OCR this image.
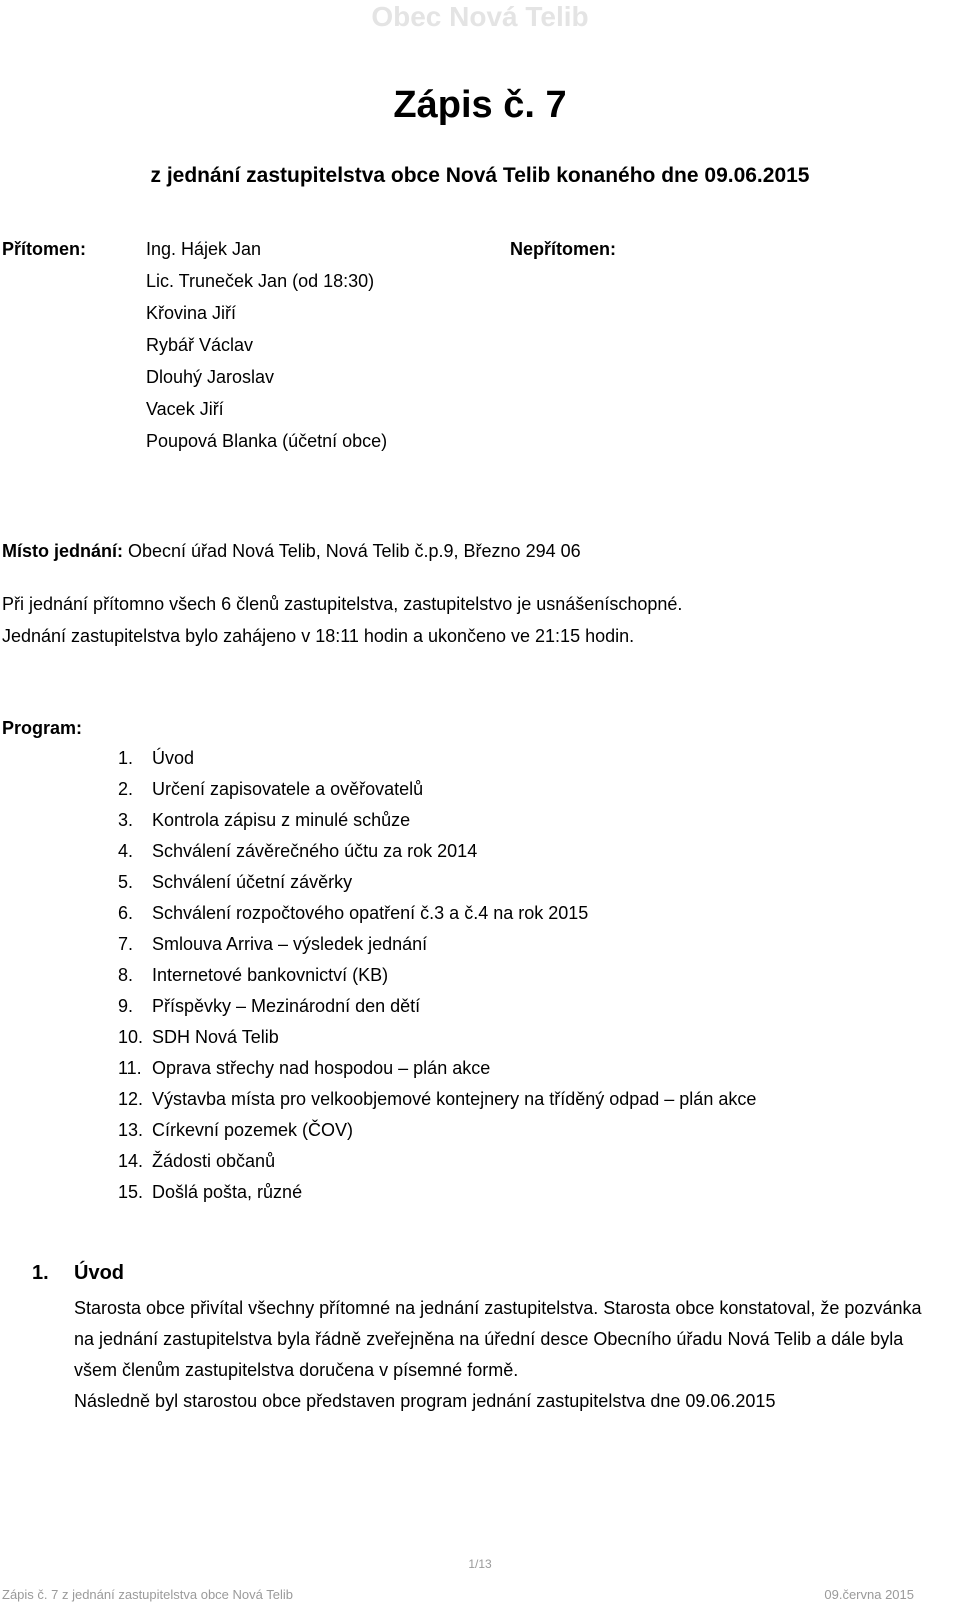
Obec Nová Telib
Zápis č. 7
z jednání zastupitelstva obce Nová Telib konaného dne 09.06.2015
Přítomen:	Ing. Hájek Jan
Lic. Truneček Jan (od 18:30)
Křovina Jiří
Rybář Václav
Dlouhý Jaroslav
Vacek Jiří
Poupová Blanka (účetní obce)
Nepřítomen:
Místo jednání: Obecní úřad Nová Telib, Nová Telib č.p.9, Březno 294 06
Při jednání přítomno všech 6 členů zastupitelstva, zastupitelstvo je usnášeníschopné.
Jednání zastupitelstva bylo zahájeno v 18:11 hodin a ukončeno ve 21:15 hodin.
Program:
1. Úvod
2. Určení zapisovatele a ověřovatelů
3. Kontrola zápisu z minulé schůze
4. Schválení závěrečného účtu za rok 2014
5. Schválení účetní závěrky
6. Schválení rozpočtového opatření č.3 a č.4 na rok 2015
7. Smlouva Arriva – výsledek jednání
8. Internetové bankovnictví (KB)
9. Příspěvky – Mezinárodní den dětí
10. SDH Nová Telib
11. Oprava střechy nad hospodou – plán akce
12. Výstavba místa pro velkoobjemové kontejnery na tříděný odpad – plán akce
13. Církevní pozemek (ČOV)
14. Žádosti občanů
15. Došlá pošta, různé
1. Úvod

Starosta obce přivítal všechny přítomné na jednání zastupitelstva. Starosta obce konstatoval, že pozvánka na jednání zastupitelstva byla řádně zveřejněna na úřední desce Obecního úřadu Nová Telib a dále byla všem členům zastupitelstva doručena v písemné formě.

Následně byl starostou obce představen program jednání zastupitelstva dne 09.06.2015

1/13
Zápis č. 7 z jednání zastupitelstva obce Nová Telib	09.června 2015
